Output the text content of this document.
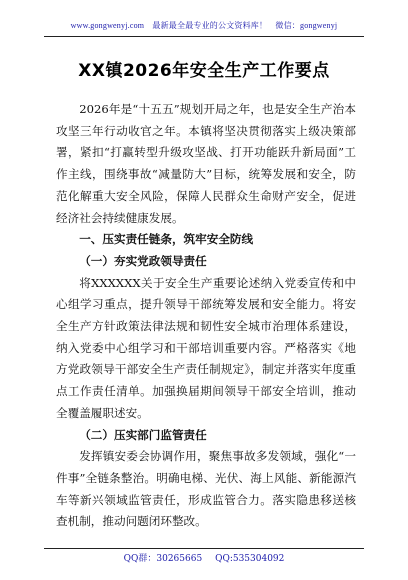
www.gongwenyj.com　最新最全最专业的公文资料库！　微信：gongwenyj
XX镇2026年安全生产工作要点

2026年是“十五五”规划开局之年，也是安全生产治本攻坚三年行动收官之年。本镇将坚决贯彻落实上级决策部署，紧扣“打赢转型升级攻坚战、打开功能跃升新局面”工作主线，围绕事故“减量防大”目标，统筹发展和安全，防范化解重大安全风险，保障人民群众生命财产安全，促进经济社会持续健康发展。

一、压实责任链条，筑牢安全防线

（一）夯实党政领导责任

将XXXXXX关于安全生产重要论述纳入党委宣传和中心组学习重点，提升领导干部统筹发展和安全能力。将安全生产方针政策法律法规和韧性安全城市治理体系建设，纳入党委中心组学习和干部培训重要内容。严格落实《地方党政领导干部安全生产责任制规定》，制定并落实年度重点工作责任清单。加强换届期间领导干部安全培训，推动全覆盖履职述安。

（二）压实部门监管责任

发挥镇安委会协调作用，聚焦事故多发领域，强化“一件事”全链条整治。明确电梯、光伏、海上风能、新能源汽车等新兴领域监管责任，形成监管合力。落实隐患移送核查机制，推动问题闭环整改。

QQ群：30265665 QQ:535304092
